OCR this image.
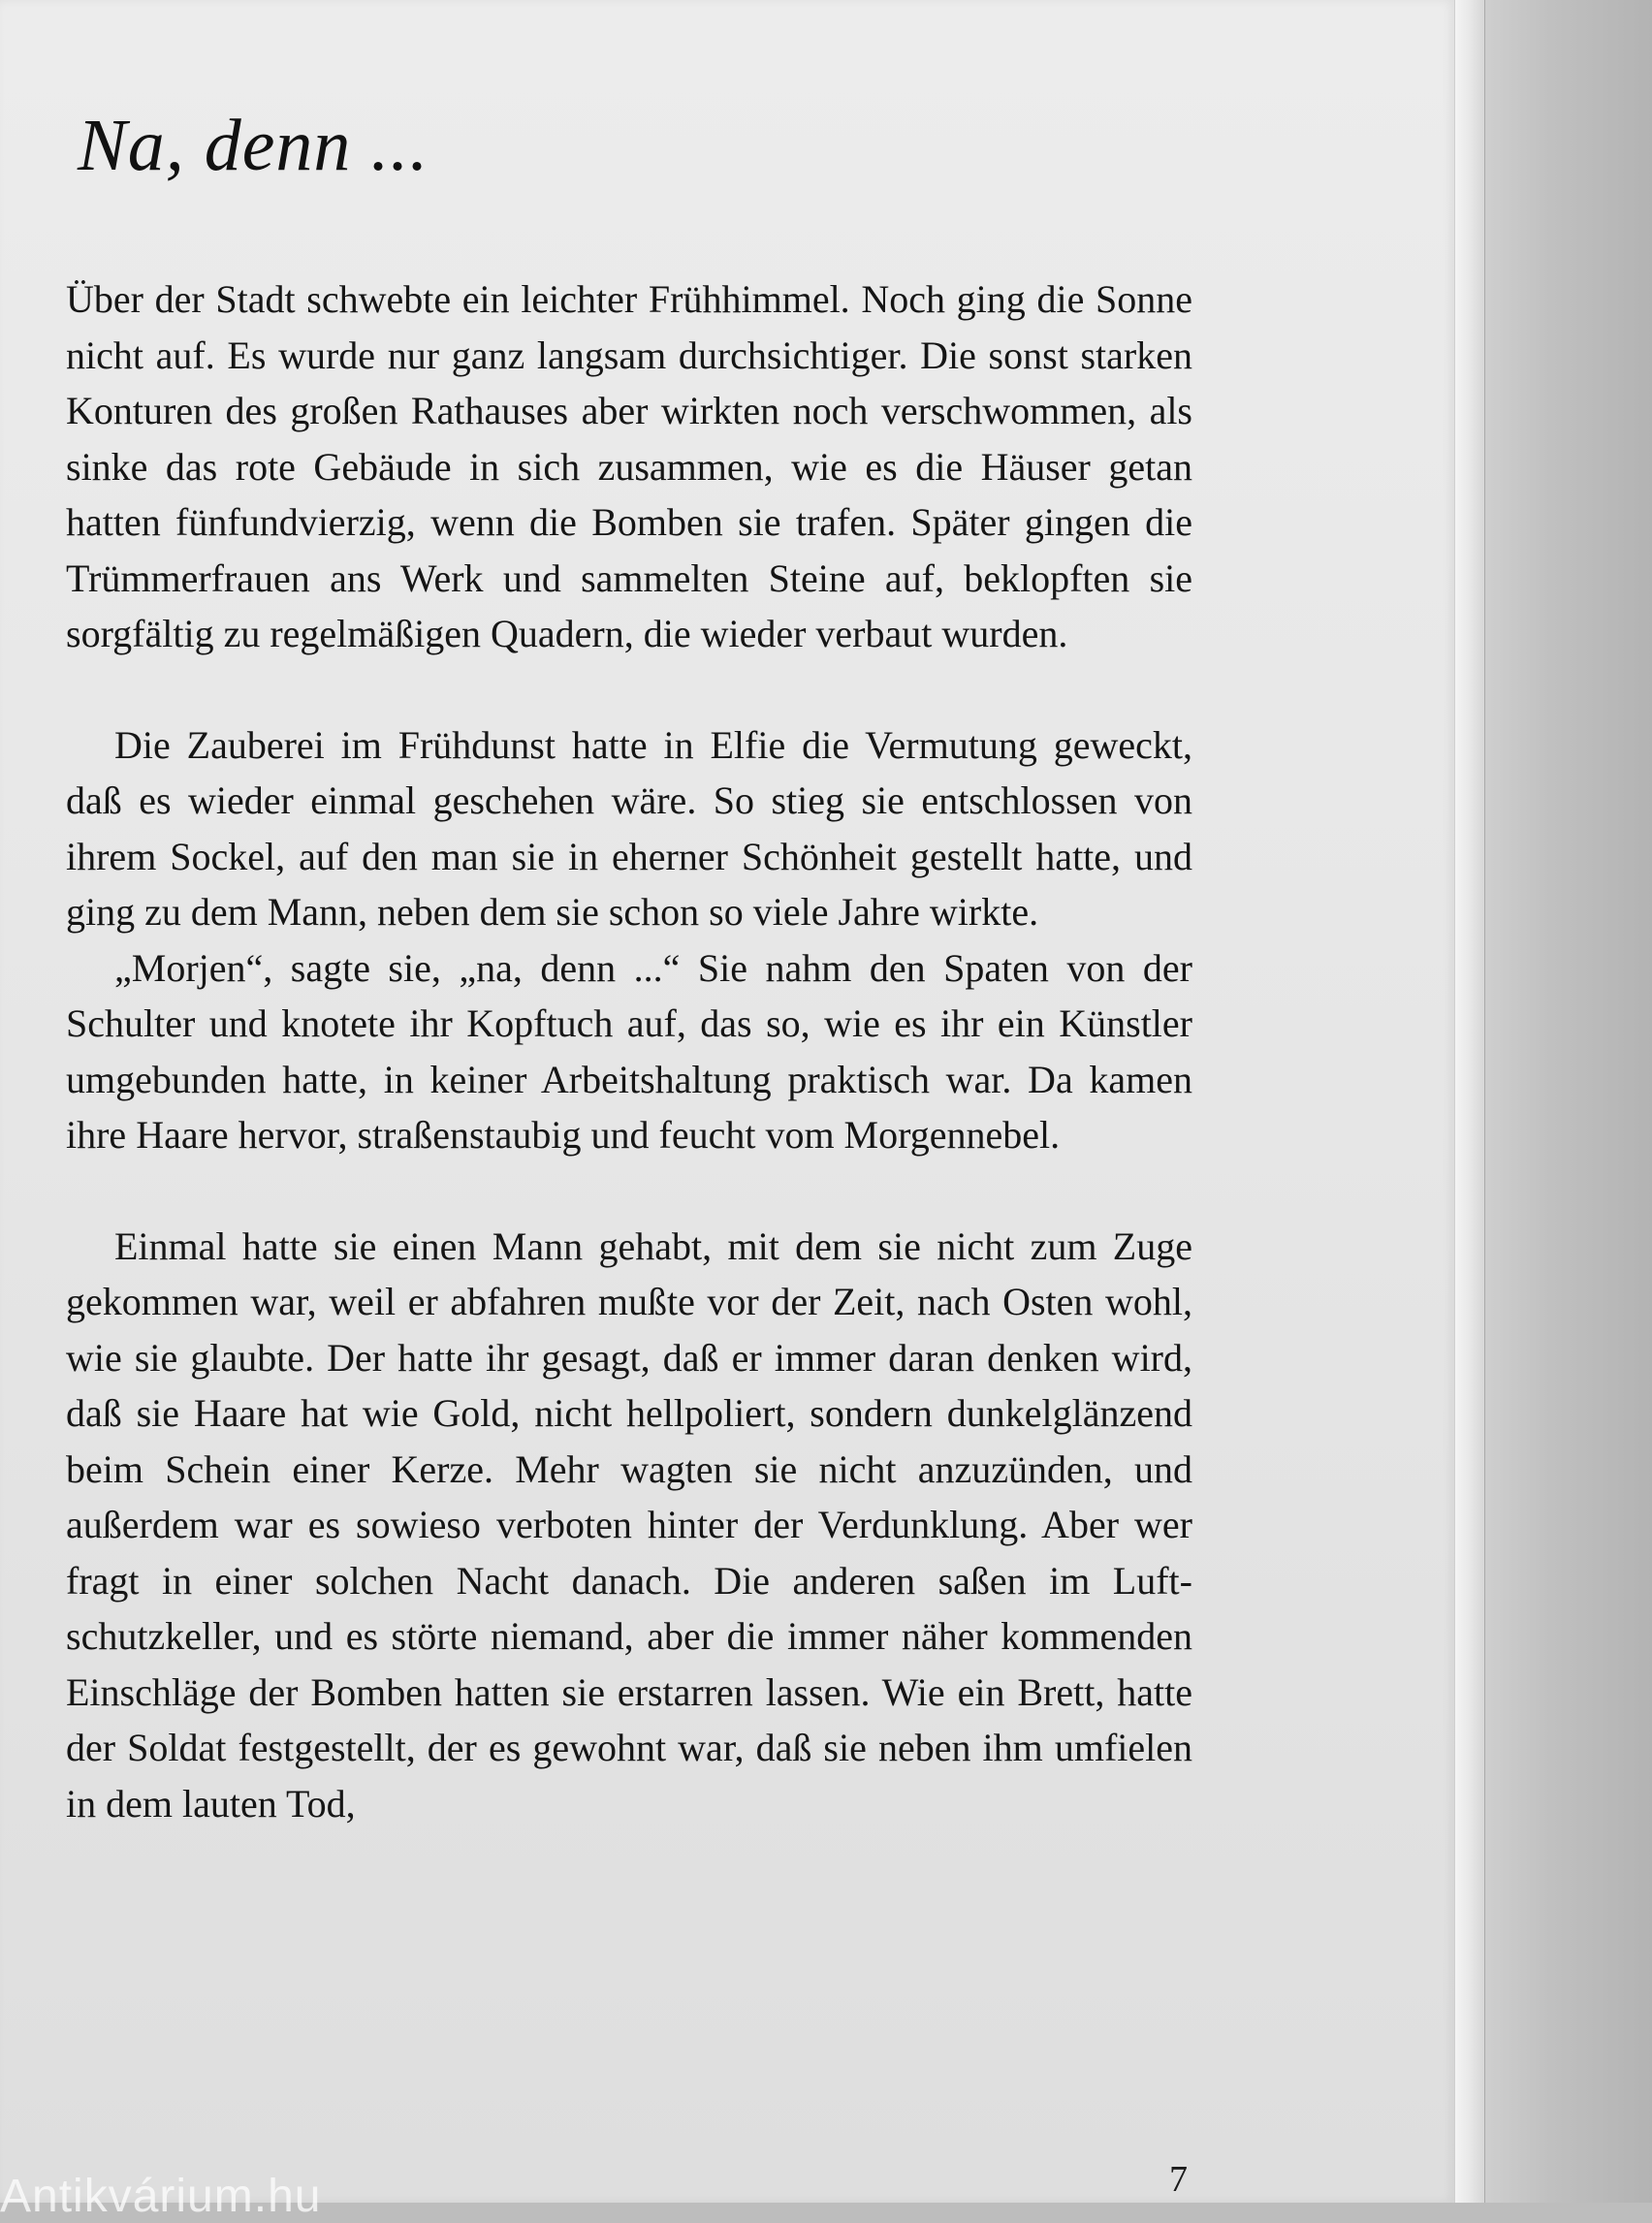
Na, denn ...

Über der Stadt schwebte ein leichter Frühhimmel. Noch ging die Sonne nicht auf. Es wurde nur ganz langsam durchsichtiger. Die sonst starken Konturen des großen Rathauses aber wirkten noch verschwommen, als sinke das rote Gebäude in sich zusammen, wie es die Häuser getan hatten fünfundvierzig, wenn die Bomben sie trafen. Später gingen die Trümmerfrauen ans Werk und sammelten Steine auf, beklopften sie sorgfältig zu regelmäßigen Quadern, die wieder verbaut wurden.

Die Zauberei im Frühdunst hatte in Elfie die Vermutung geweckt, daß es wieder einmal geschehen wäre. So stieg sie entschlossen von ihrem Sockel, auf den man sie in eherner Schönheit gestellt hatte, und ging zu dem Mann, neben dem sie schon so viele Jahre wirkte.

„Morjen“, sagte sie, „na, denn ...“ Sie nahm den Spaten von der Schulter und knotete ihr Kopftuch auf, das so, wie es ihr ein Künstler umgebunden hatte, in keiner Arbeitshaltung praktisch war. Da kamen ihre Haare hervor, straßenstaubig und feucht vom Morgennebel.

Einmal hatte sie einen Mann gehabt, mit dem sie nicht zum Zuge gekommen war, weil er abfahren mußte vor der Zeit, nach Osten wohl, wie sie glaubte. Der hatte ihr gesagt, daß er immer daran denken wird, daß sie Haare hat wie Gold, nicht hellpoliert, sondern dunkelglänzend beim Schein einer Kerze. Mehr wagten sie nicht anzuzünden, und außerdem war es sowieso verboten hinter der Verdunklung. Aber wer fragt in einer solchen Nacht danach. Die anderen saßen im Luftschutzkeller, und es störte niemand, aber die immer näher kommenden Einschläge der Bomben hatten sie erstarren lassen. Wie ein Brett, hatte der Soldat festgestellt, der es gewohnt war, daß sie neben ihm umfielen in dem lauten Tod,

7
Antikvárium.hu
